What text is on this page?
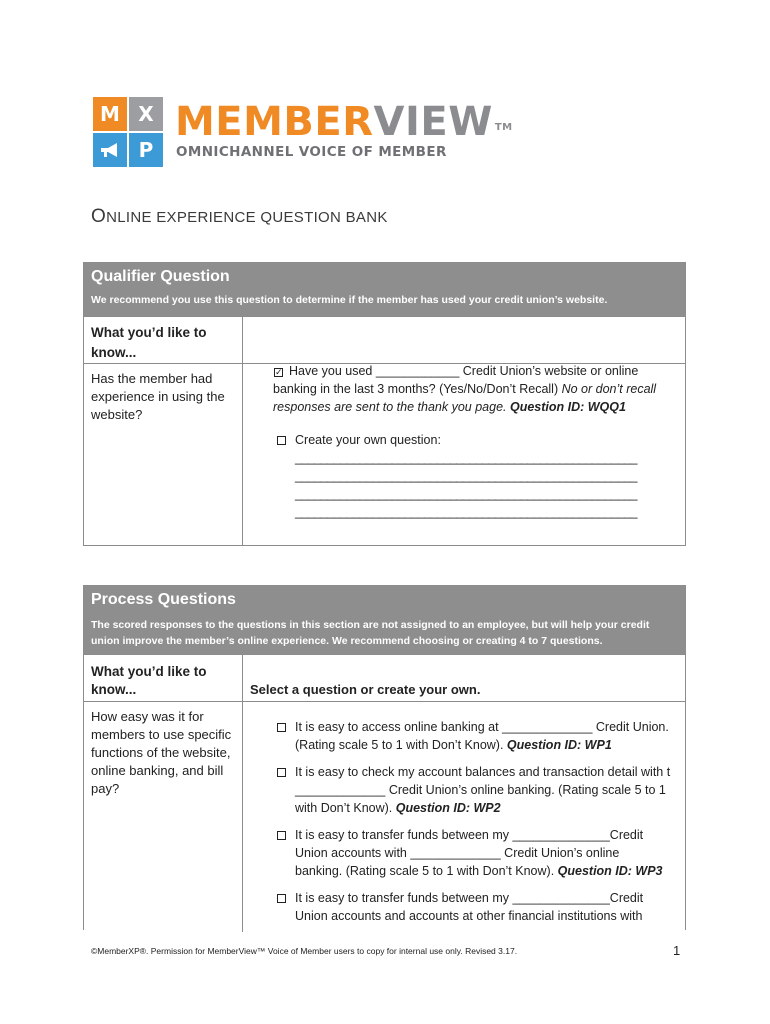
M X
P
MEMBERVIEW ™
OMNICHANNEL VOICE OF MEMBER
ONLINE EXPERIENCE QUESTION BANK
Qualifier Question
We recommend you use this question to determine if the member has used your credit union’s website.
What you’d like to
know...
Has the member had
experience in using the
website?
✓ Have you used ____________ Credit Union’s website or online
banking in the last 3 months? (Yes/No/Don’t Recall) No or don’t recall
responses are sent to the thank you page. Question ID: WQQ1
Create your own question:
_____________________________________________________
_____________________________________________________
_____________________________________________________
_____________________________________________________
Process Questions
The scored responses to the questions in this section are not assigned to an employee, but will help your credit
union improve the member’s online experience. We recommend choosing or creating 4 to 7 questions.
What you’d like to
know...	Select a question or create your own.
How easy was it for
members to use specific
functions of the website,
online banking, and bill
pay?
It is easy to access online banking at _____________ Credit Union.
(Rating scale 5 to 1 with Don’t Know). Question ID: WP1
It is easy to check my account balances and transaction detail with t
_____________ Credit Union’s online banking. (Rating scale 5 to 1
with Don’t Know). Question ID: WP2
It is easy to transfer funds between my ______________Credit
Union accounts with _____________ Credit Union’s online
banking. (Rating scale 5 to 1 with Don’t Know). Question ID: WP3
It is easy to transfer funds between my ______________Credit
Union accounts and accounts at other financial institutions with
©MemberXP®. Permission for MemberView™ Voice of Member users to copy for internal use only. Revised 3.17.	1
